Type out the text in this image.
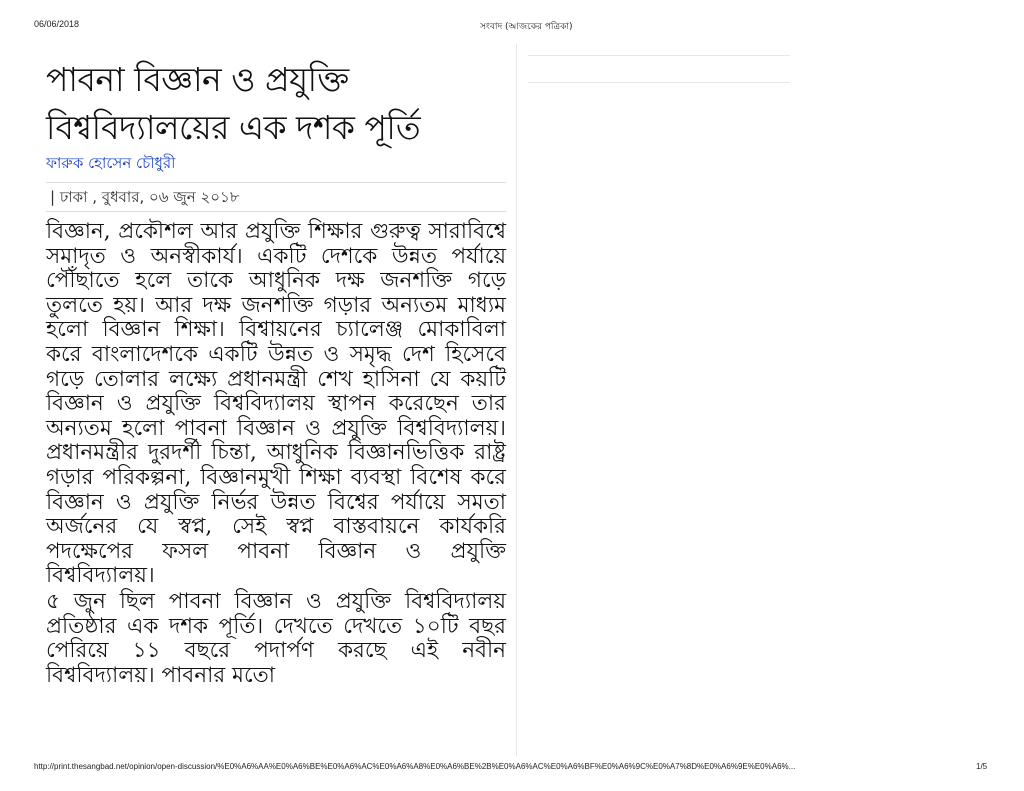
06/06/2018	সংবাদ (আজকের পত্রিকা)
পাবনা বিজ্ঞান ও প্রযুক্তি
বিশ্ববিদ্যালয়ের এক দশক পূর্তি
ফারুক হোসেন চৌধুরী
| ঢাকা , বুধবার, ০৬ জুন ২০১৮

বিজ্ঞান, প্রকৌশল আর প্রযুক্তি শিক্ষার গুরুত্ব সারাবিশ্বে সমাদৃত ও অনস্বীকার্য। একটি দেশকে উন্নত পর্যায়ে পৌঁছাতে হলে তাকে আধুনিক দক্ষ জনশক্তি গড়ে তুলতে হয়। আর দক্ষ জনশক্তি গড়ার অন্যতম মাধ্যম হলো বিজ্ঞান শিক্ষা। বিশ্বায়নের চ্যালেঞ্জ মোকাবিলা করে বাংলাদেশকে একটি উন্নত ও সমৃদ্ধ দেশ হিসেবে গড়ে তোলার লক্ষ্যে প্রধানমন্ত্রী শেখ হাসিনা যে কয়টি বিজ্ঞান ও প্রযুক্তি বিশ্ববিদ্যালয় স্থাপন করেছেন তার অন্যতম হলো পাবনা বিজ্ঞান ও প্রযুক্তি বিশ্ববিদ্যালয়। প্রধানমন্ত্রীর দুরদর্শী চিন্তা, আধুনিক বিজ্ঞানভিত্তিক রাষ্ট্র গড়ার পরিকল্পনা, বিজ্ঞানমুখী শিক্ষা ব্যবস্থা বিশেষ করে বিজ্ঞান ও প্রযুক্তি নির্ভর উন্নত বিশ্বের পর্যায়ে সমতা অর্জনের যে স্বপ্ন, সেই স্বপ্ন বাস্তবায়নে কার্যকরি পদক্ষেপের ফসল পাবনা বিজ্ঞান ও প্রযুক্তি বিশ্ববিদ্যালয়।

৫ জুন ছিল পাবনা বিজ্ঞান ও প্রযুক্তি বিশ্ববিদ্যালয় প্রতিষ্ঠার এক দশক পূর্তি। দেখতে দেখতে ১০টি বছর পেরিয়ে ১১ বছরে পদার্পণ করছে এই নবীন বিশ্ববিদ্যালয়। পাবনার মতো

http://print.thesangbad.net/opinion/open-discussion/%E0%A6%AA%E0%A6%BE%E0%A6%AC%E0%A6%A8%E0%A6%BE%2B%E0%A6%AC%E0%A6%BF%E0%A6%9C%E0%A7%8D%E0%A6%9E%E0%A6%...	1/5
